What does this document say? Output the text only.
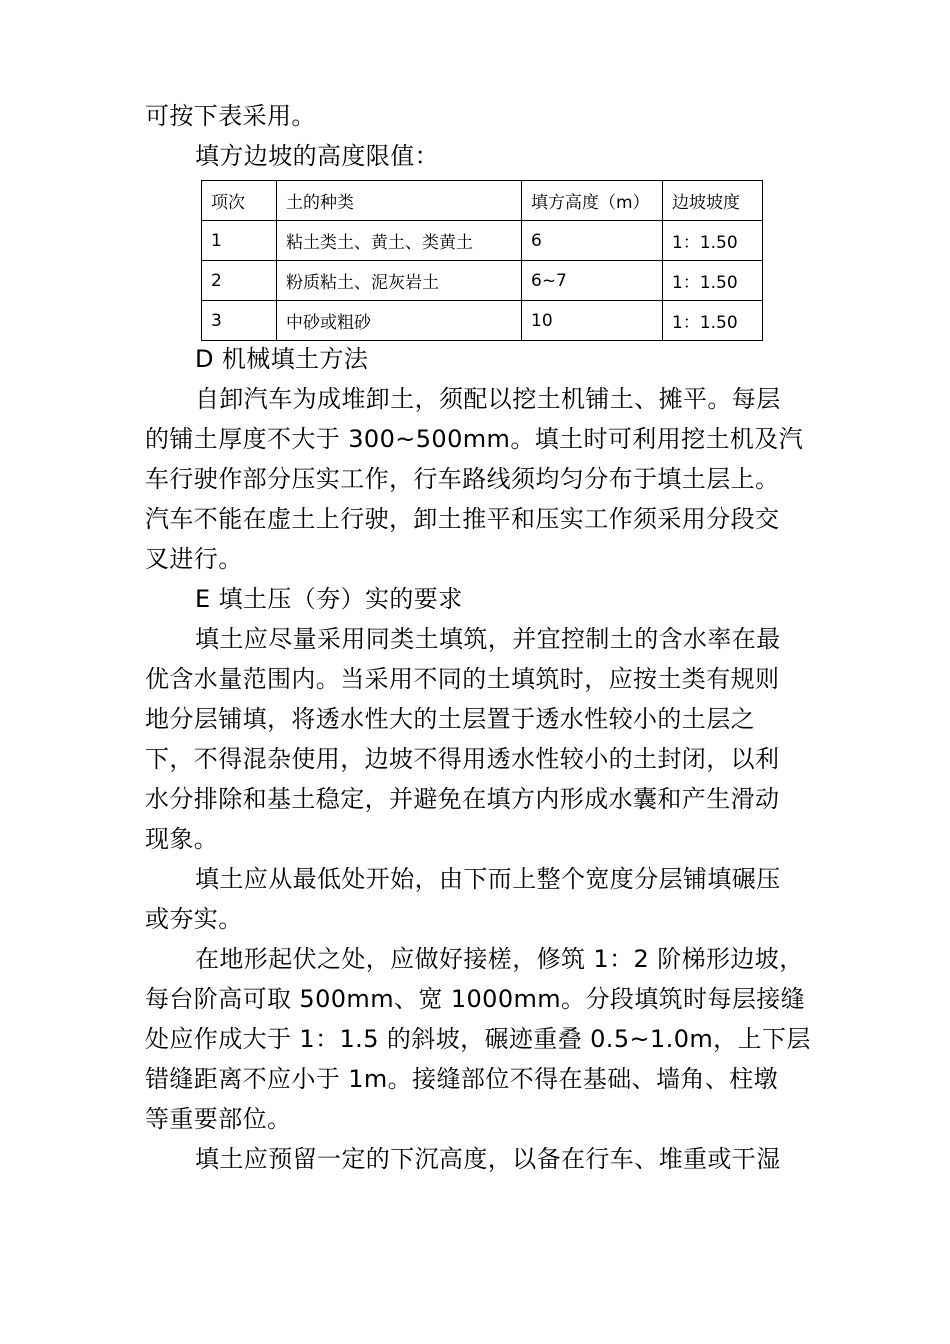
可按下表采用。
填方边坡的高度限值：
项次	土的种类	填方高度（m）	边坡坡度
1	粘土类土、黄土、类黄土	6	1：1.50
2	粉质粘土、泥灰岩土	6~7	1：1.50
3	中砂或粗砂	10	1：1.50
D 机械填土方法
自卸汽车为成堆卸土，须配以挖土机铺土、摊平。每层
的铺土厚度不大于 300~500mm。填土时可利用挖土机及汽
车行驶作部分压实工作，行车路线须均匀分布于填土层上。
汽车不能在虚土上行驶，卸土推平和压实工作须采用分段交
叉进行。
E 填土压（夯）实的要求
填土应尽量采用同类土填筑，并宜控制土的含水率在最
优含水量范围内。当采用不同的土填筑时，应按土类有规则
地分层铺填，将透水性大的土层置于透水性较小的土层之
下，不得混杂使用，边坡不得用透水性较小的土封闭，以利
水分排除和基土稳定，并避免在填方内形成水囊和产生滑动
现象。
填土应从最低处开始，由下而上整个宽度分层铺填碾压
或夯实。
在地形起伏之处，应做好接槎，修筑 1：2 阶梯形边坡，
每台阶高可取 500mm、宽 1000mm。分段填筑时每层接缝
处应作成大于 1：1.5 的斜坡，碾迹重叠 0.5~1.0m，上下层
错缝距离不应小于 1m。接缝部位不得在基础、墙角、柱墩
等重要部位。
填土应预留一定的下沉高度，以备在行车、堆重或干湿
